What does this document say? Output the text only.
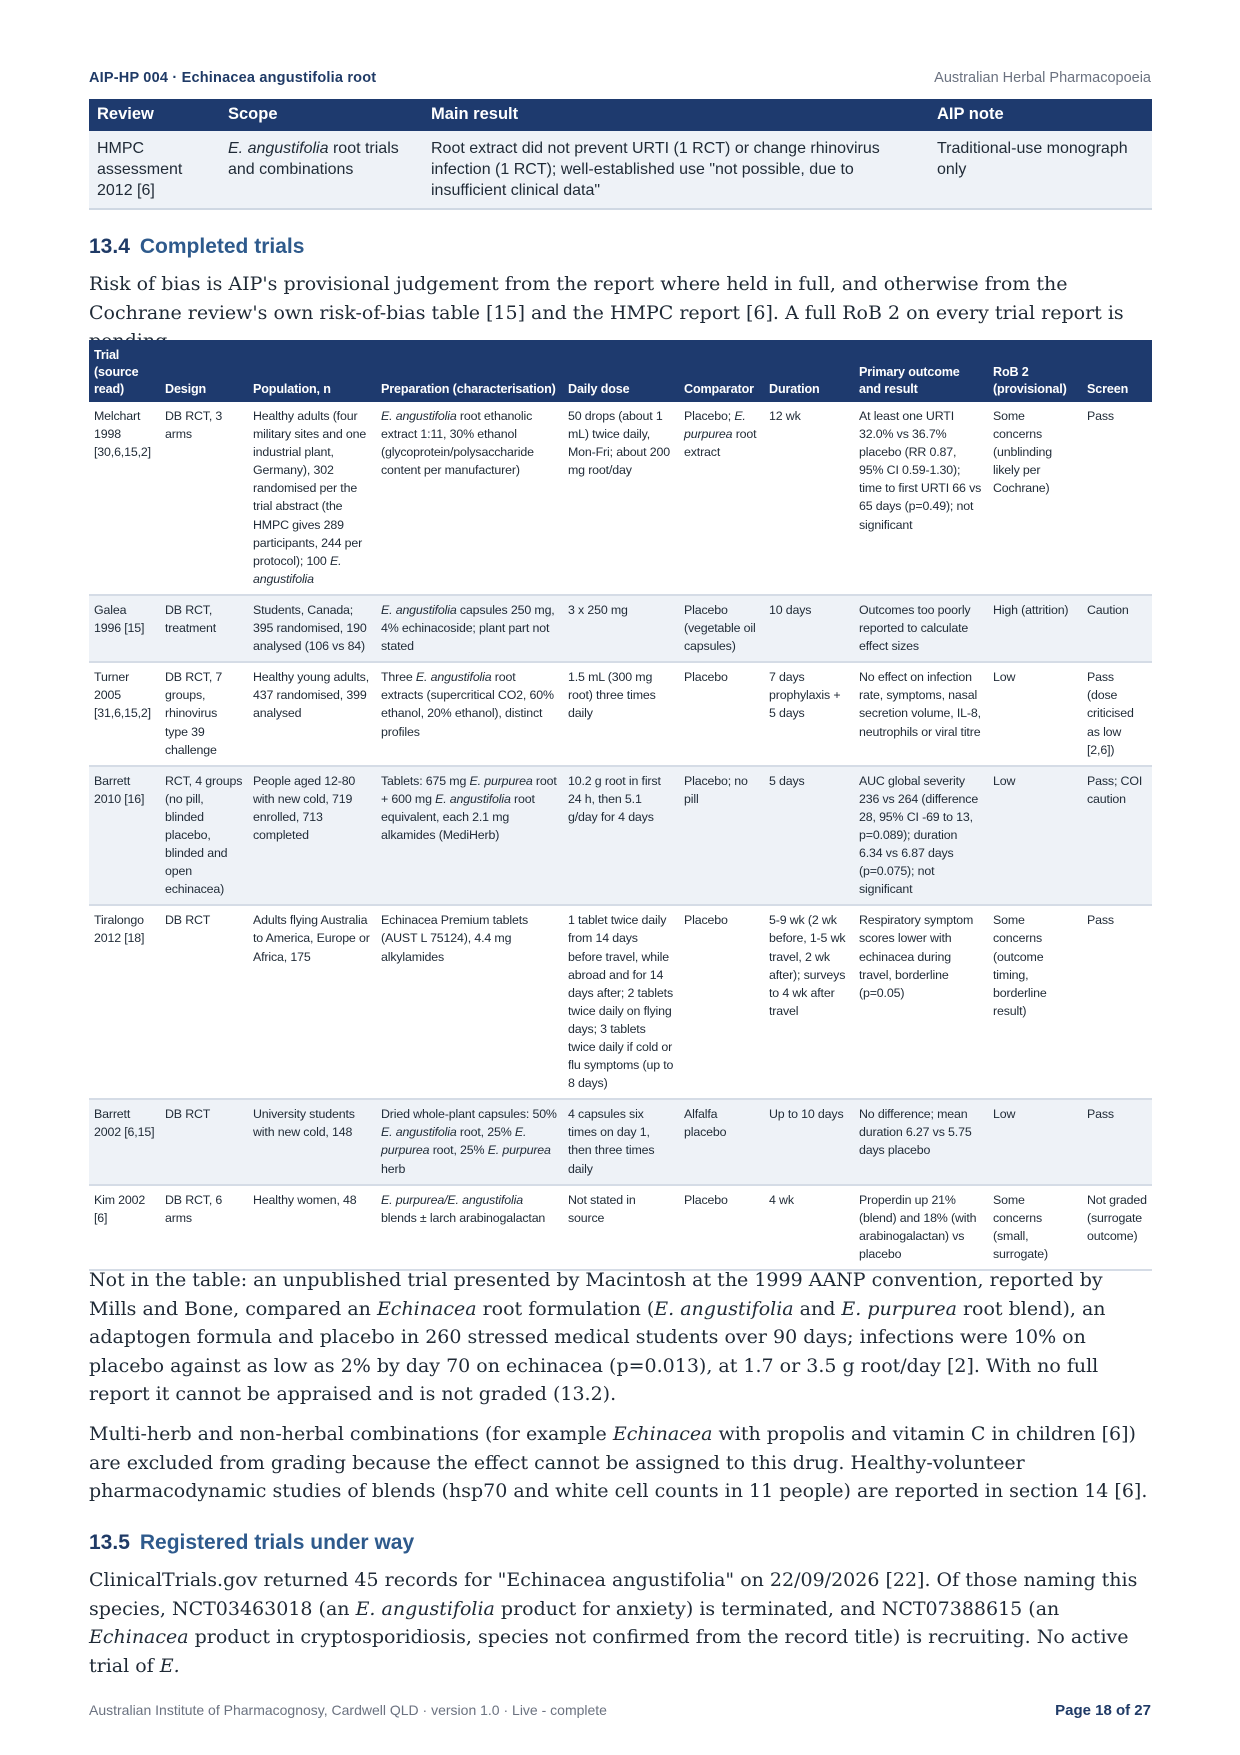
AIP-HP 004 · Echinacea angustifolia root	Australian Herbal Pharmacopoeia
Review	Scope	Main result	AIP note
HMPC assessment 2012 [6]	E. angustifolia root trials and combinations	Root extract did not prevent URTI (1 RCT) or change rhinovirus infection (1 RCT); well-established use "not possible, due to insufficient clinical data"	Traditional-use monograph only
13.4 Completed trials
Risk of bias is AIP's provisional judgement from the report where held in full, and otherwise from the Cochrane review's own risk-of-bias table [15] and the HMPC report [6]. A full RoB 2 on every trial report is
Trial (source read)	Design	Population, n	Preparation (characterisation)	Daily dose	Comparator	Duration	Primary outcome and result	RoB 2 (provisional)	Screen
Melchart 1998 [30,6,15,2]	DB RCT, 3 arms	Healthy adults (four military sites and one industrial plant, Germany), 302 randomised per the trial abstract (the HMPC gives 289 participants, 244 per protocol); 100 E. angustifolia	E. angustifolia root ethanolic extract 1:11, 30% ethanol (glycoprotein/polysaccharide content per manufacturer)	50 drops (about 1 mL) twice daily, Mon-Fri; about 200 mg root/day	Placebo; E. purpurea root extract	12 wk	At least one URTI 32.0% vs 36.7% placebo (RR 0.87, 95% CI 0.59-1.30); time to first URTI 66 vs 65 days (p=0.49); not significant	Some concerns (unblinding likely per Cochrane)	Pass
Galea 1996 [15]	DB RCT, treatment	Students, Canada; 395 randomised, 190 analysed (106 vs 84)	E. angustifolia capsules 250 mg, 4% echinacoside; plant part not stated	3 x 250 mg	Placebo (vegetable oil capsules)	10 days	Outcomes too poorly reported to calculate effect sizes	High (attrition)	Caution
Turner 2005 [31,6,15,2]	DB RCT, 7 groups, rhinovirus type 39 challenge	Healthy young adults, 437 randomised, 399 analysed	Three E. angustifolia root extracts (supercritical CO2, 60% ethanol, 20% ethanol), distinct profiles	1.5 mL (300 mg root) three times daily	Placebo	7 days prophylaxis + 5 days	No effect on infection rate, symptoms, nasal secretion volume, IL-8, neutrophils or viral titre	Low	Pass (dose criticised as low [2,6])
Barrett 2010 [16]	RCT, 4 groups (no pill, blinded placebo, blinded and open echinacea)	People aged 12-80 with new cold, 719 enrolled, 713 completed	Tablets: 675 mg E. purpurea root + 600 mg E. angustifolia root equivalent, each 2.1 mg alkamides (MediHerb)	10.2 g root in first 24 h, then 5.1 g/day for 4 days	Placebo; no pill	5 days	AUC global severity 236 vs 264 (difference 28, 95% CI -69 to 13, p=0.089); duration 6.34 vs 6.87 days (p=0.075); not significant	Low	Pass; COI caution
Tiralongo 2012 [18]	DB RCT	Adults flying Australia to America, Europe or Africa, 175	Echinacea Premium tablets (AUST L 75124), 4.4 mg alkylamides	1 tablet twice daily from 14 days before travel, while abroad and for 14 days after; 2 tablets twice daily on flying days; 3 tablets twice daily if cold or flu symptoms (up to 8 days)	Placebo	5-9 wk (2 wk before, 1-5 wk travel, 2 wk after); surveys to 4 wk after travel	Respiratory symptom scores lower with echinacea during travel, borderline (p=0.05)	Some concerns (outcome timing, borderline result)	Pass
Barrett 2002 [6,15]	DB RCT	University students with new cold, 148	Dried whole-plant capsules: 50% E. angustifolia root, 25% E. purpurea root, 25% E. purpurea herb	4 capsules six times on day 1, then three times daily	Alfalfa placebo	Up to 10 days	No difference; mean duration 6.27 vs 5.75 days placebo	Low	Pass
Kim 2002 [6]	DB RCT, 6 arms	Healthy women, 48	E. purpurea/E. angustifolia blends ± larch arabinogalactan	Not stated in source	Placebo	4 wk	Properdin up 21% (blend) and 18% (with arabinogalactan) vs placebo	Some concerns (small, surrogate)	Not graded (surrogate outcome)
Not in the table: an unpublished trial presented by Macintosh at the 1999 AANP convention, reported by Mills and Bone, compared an Echinacea root formulation (E. angustifolia and E. purpurea root blend), an adaptogen formula and placebo in 260 stressed medical students over 90 days; infections were 10% on placebo against as low as 2% by day 70 on echinacea (p=0.013), at 1.7 or 3.5 g root/day [2]. With no full report it cannot be appraised and is not graded (13.2).
Multi-herb and non-herbal combinations (for example Echinacea with propolis and vitamin C in children [6]) are excluded from grading because the effect cannot be assigned to this drug. Healthy-volunteer pharmacodynamic studies of blends (hsp70 and white cell counts in 11 people) are reported in section 14 [6].
13.5 Registered trials under way
ClinicalTrials.gov returned 45 records for "Echinacea angustifolia" on 22/09/2026 [22]. Of those naming this species, NCT03463018 (an E. angustifolia product for anxiety) is terminated, and NCT07388615 (an Echinacea product in cryptosporidiosis, species not confirmed from the record title) is recruiting. No active trial of E.
Australian Institute of Pharmacognosy, Cardwell QLD · version 1.0 · Live - complete	Page 18 of 27
